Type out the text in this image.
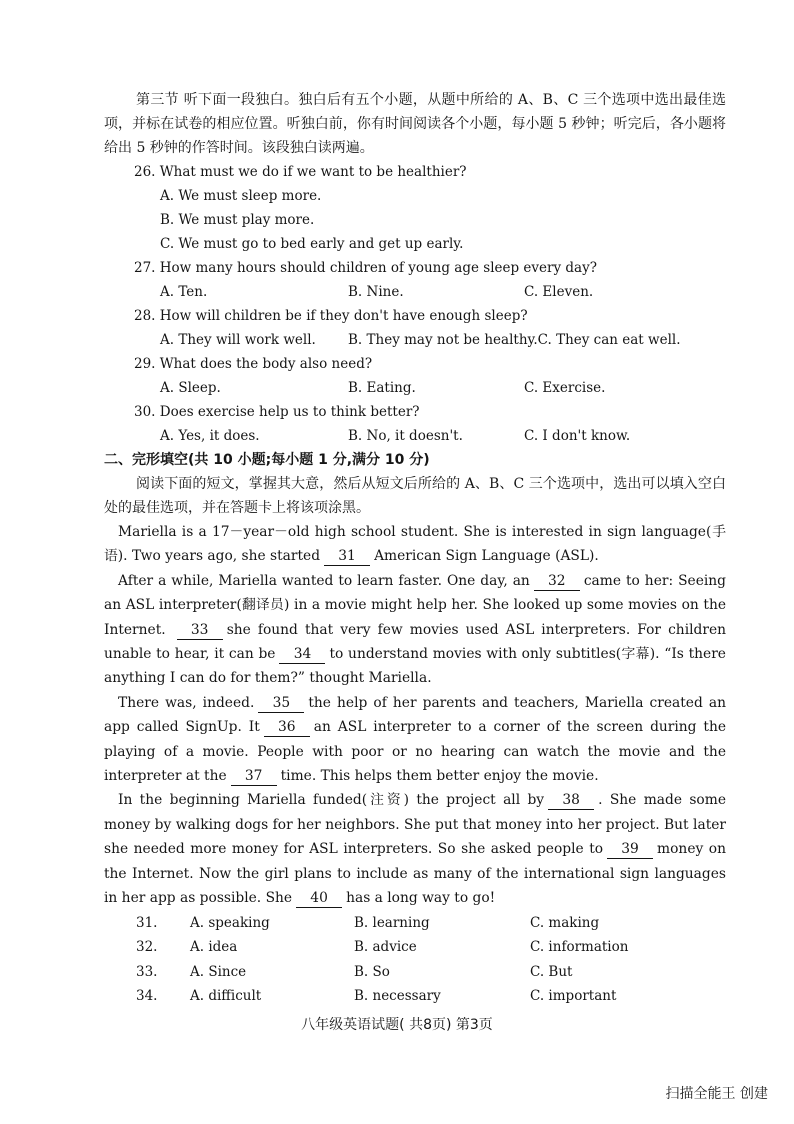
第三节 听下面一段独白。独白后有五个小题，从题中所给的 A、B、C 三个选项中选出最佳选项，并标在试卷的相应位置。听独白前，你有时间阅读各个小题，每小题 5 秒钟；听完后，各小题将给出 5 秒钟的作答时间。该段独白读两遍。

26. What must we do if we want to be healthier?
A. We must sleep more.
B. We must play more.
C. We must go to bed early and get up early.
27. How many hours should children of young age sleep every day?
A. Ten.	B. Nine.	C. Eleven.
28. How will children be if they don't have enough sleep?
A. They will work well.	B. They may not be healthy. C. They can eat well.
29. What does the body also need?
A. Sleep.	B. Eating.	C. Exercise.
30. Does exercise help us to think better?
A. Yes, it does.	B. No, it doesn't.	C. I don't know.
二、完形填空(共 10 小题;每小题 1 分,满分 10 分)

阅读下面的短文，掌握其大意，然后从短文后所给的 A、B、C 三个选项中，选出可以填入空白处的最佳选项，并在答题卡上将该项涂黑。

Mariella is a 17－year－old high school student. She is interested in sign language(手语). Two years ago, she started 31 American Sign Language (ASL).

After a while, Mariella wanted to learn faster. One day, an 32 came to her: Seeing an ASL interpreter(翻译员) in a movie might help her. She looked up some movies on the Internet. 33 she found that very few movies used ASL interpreters. For children unable to hear, it can be 34 to understand movies with only subtitles(字幕). “Is there anything I can do for them?” thought Mariella.

There was, indeed. 35 the help of her parents and teachers, Mariella created an app called SignUp. It 36 an ASL interpreter to a corner of the screen during the playing of a movie. People with poor or no hearing can watch the movie and the interpreter at the 37 time. This helps them better enjoy the movie.

In the beginning Mariella funded(注资) the project all by 38 . She made some money by walking dogs for her neighbors. She put that money into her project. But later she needed more money for ASL interpreters. So she asked people to 39 money on the Internet. Now the girl plans to include as many of the international sign languages in her app as possible. She 40 has a long way to go!

31.	A. speaking	B. learning	C. making
32.	A. idea	B. advice	C. information
33.	A. Since	B. So	C. But
34.	A. difficult	B. necessary	C. important
八年级英语试题( 共8页) 第3页
扫描全能王 创建
